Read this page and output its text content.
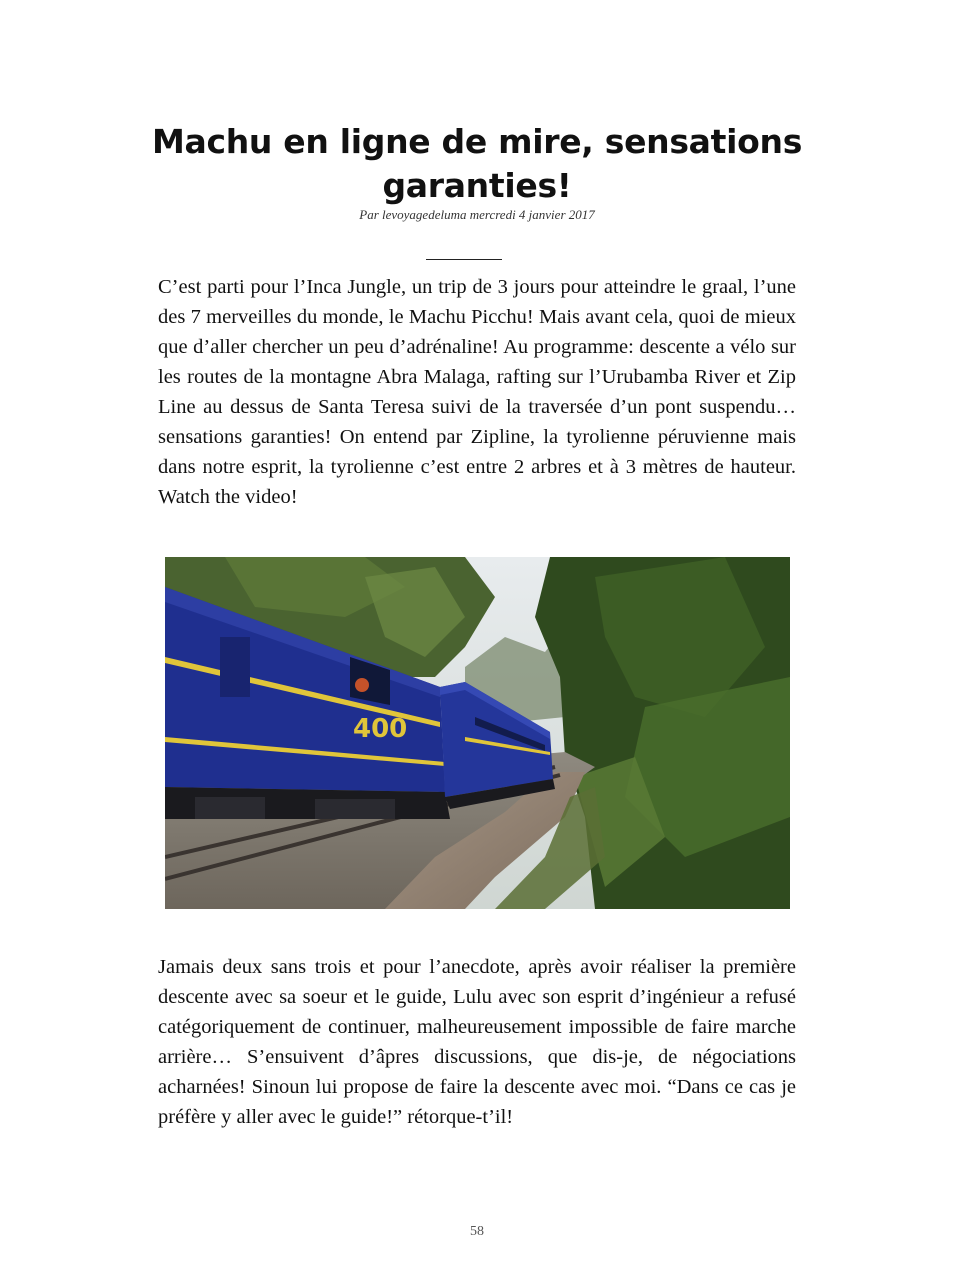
Machu en ligne de mire, sensations garanties!
Par levoyagedeluma mercredi 4 janvier 2017

C’est parti pour l’Inca Jungle, un trip de 3 jours pour atteindre le graal, l’une des 7 merveilles du monde, le Machu Picchu! Mais avant cela, quoi de mieux que d’aller chercher un peu d’adrénaline! Au programme: descente a vélo sur les routes de la montagne Abra Malaga, rafting sur l’Urubamba River et Zip Line au dessus de Santa Teresa suivi de la traversée d’un pont suspendu…sensations garanties! On entend par Zipline, la tyrolienne péruvienne mais dans notre esprit, la tyrolienne c’est entre 2 arbres et à 3 mètres de hauteur. Watch the video!

400

Jamais deux sans trois et pour l’anecdote, après avoir réaliser la première descente avec sa soeur et le guide, Lulu avec son esprit d’ingénieur a refusé catégoriquement de continuer, malheureusement impossible de faire marche arrière… S’ensuivent d’âpres discussions, que dis-je, de négociations acharnées! Sinoun lui propose de faire la descente avec moi. “Dans ce cas je préfère y aller avec le guide!” rétorque-t’il!

58
